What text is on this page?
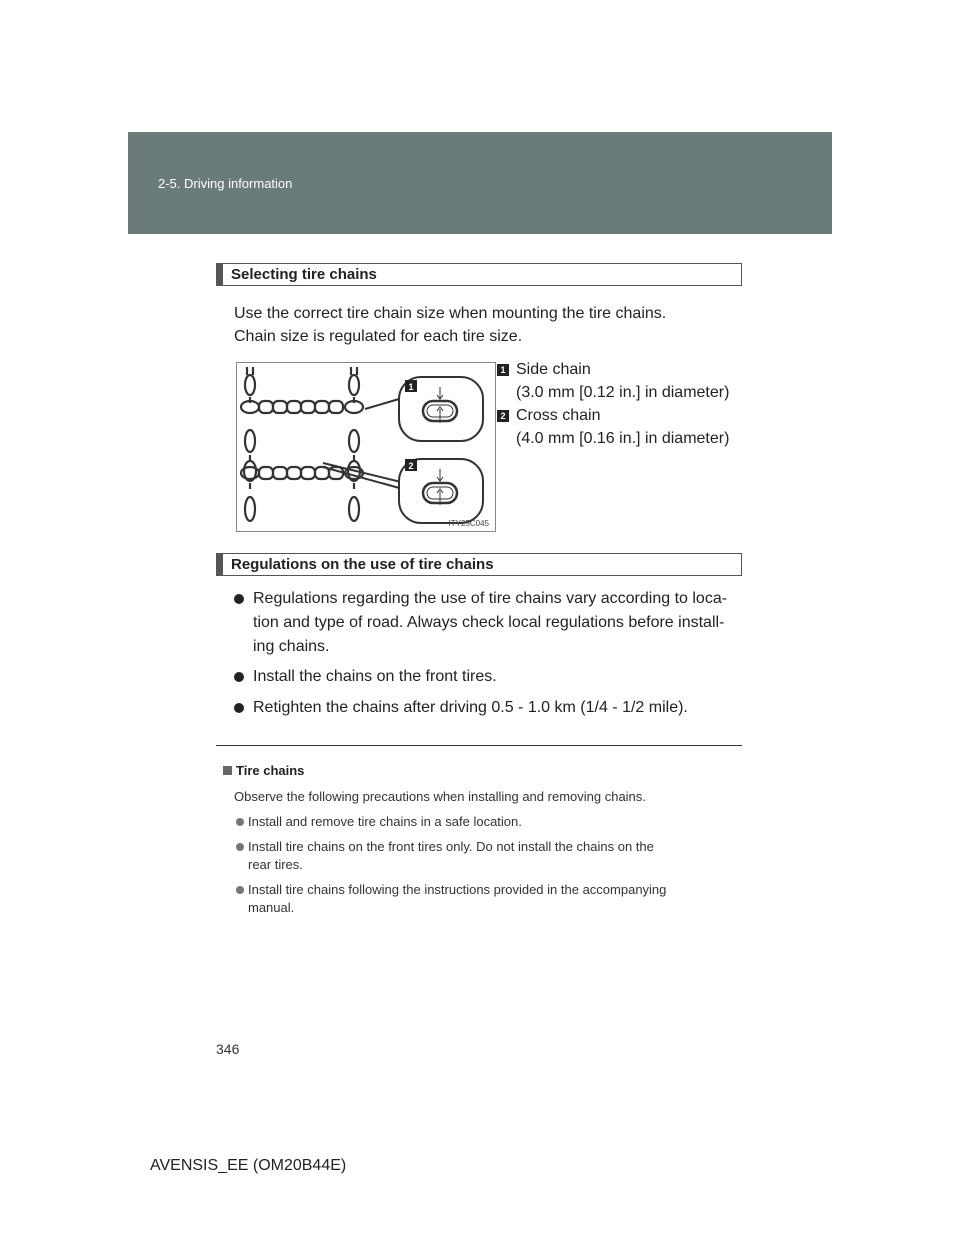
2-5. Driving information
Selecting tire chains
Use the correct tire chain size when mounting the tire chains.
Chain size is regulated for each tire size.
1
2
ITY25C045
1 Side chain
(3.0 mm [0.12 in.] in diameter)
2 Cross chain
(4.0 mm [0.16 in.] in diameter)
Regulations on the use of tire chains
Regulations regarding the use of tire chains vary according to loca-
tion and type of road. Always check local regulations before install-
ing chains.
Install the chains on the front tires.
Retighten the chains after driving 0.5 - 1.0 km (1/4 - 1/2 mile).
Tire chains
Observe the following precautions when installing and removing chains.
Install and remove tire chains in a safe location.
Install tire chains on the front tires only. Do not install the chains on the
rear tires.
Install tire chains following the instructions provided in the accompanying
manual.
346
AVENSIS_EE (OM20B44E)
